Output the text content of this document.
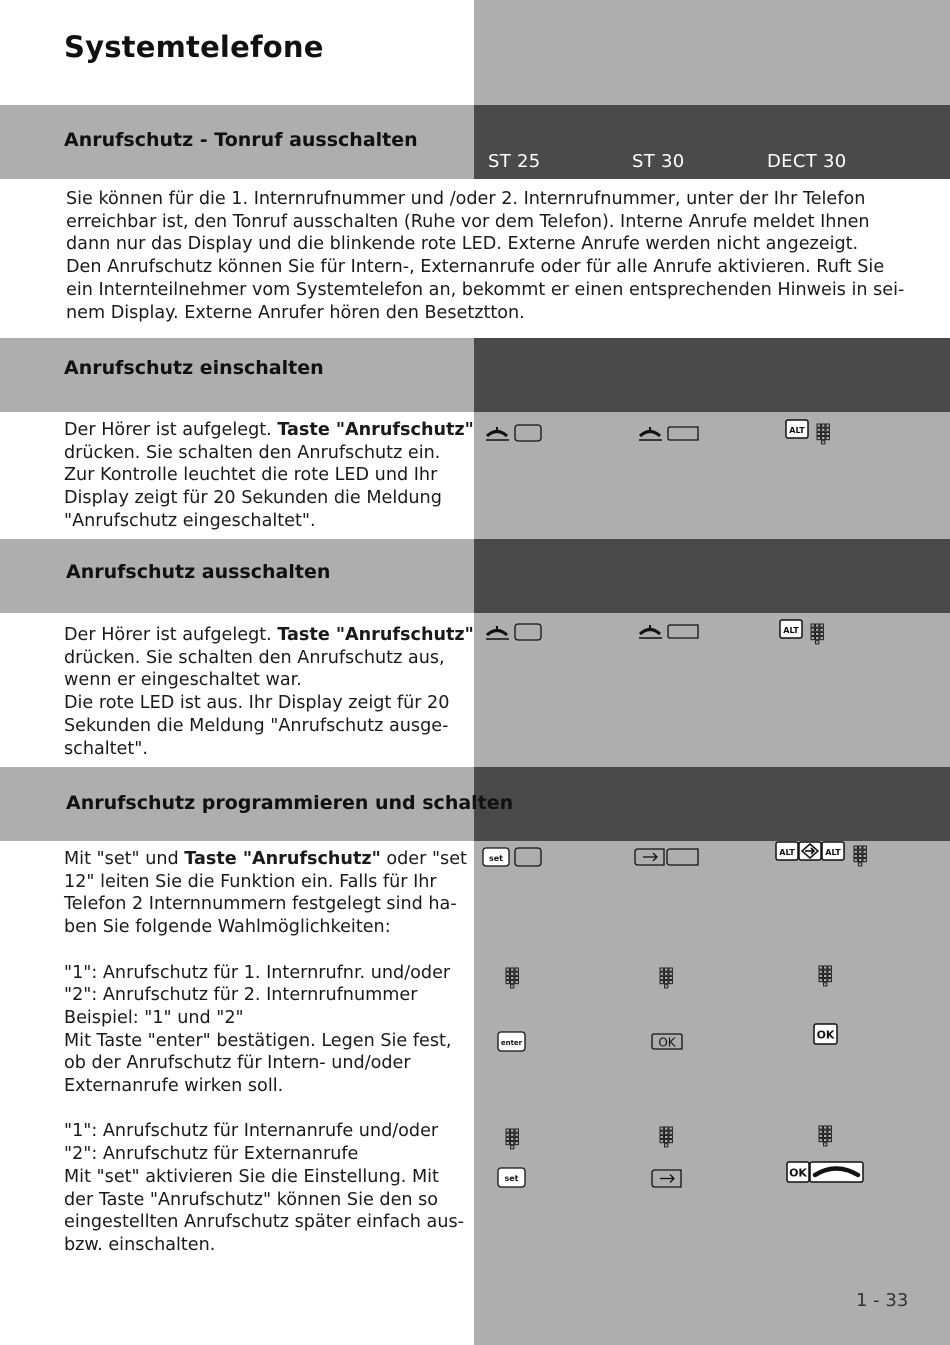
Systemtelefone
ST 25	ST 30	DECT 30
Anrufschutz - Tonruf ausschalten
Anrufschutz einschalten
Anrufschutz ausschalten
Anrufschutz programmieren und schalten
Sie können für die 1. Internrufnummer und /oder 2. Internrufnummer, unter der Ihr Telefon
erreichbar ist, den Tonruf ausschalten (Ruhe vor dem Telefon). Interne Anrufe meldet Ihnen
dann nur das Display und die blinkende rote LED. Externe Anrufe werden nicht angezeigt.
Den Anrufschutz können Sie für Intern-, Externanrufe oder für alle Anrufe aktivieren. Ruft Sie
ein Internteilnehmer vom Systemtelefon an, bekommt er einen entsprechenden Hinweis in sei-
nem Display. Externe Anrufer hören den Besetztton.
Der Hörer ist aufgelegt. Taste "Anrufschutz"
drücken. Sie schalten den Anrufschutz ein.
Zur Kontrolle leuchtet die rote LED und Ihr
Display zeigt für 20 Sekunden die Meldung
"Anrufschutz eingeschaltet".
Der Hörer ist aufgelegt. Taste "Anrufschutz"
drücken. Sie schalten den Anrufschutz aus,
wenn er eingeschaltet war.
Die rote LED ist aus. Ihr Display zeigt für 20
Sekunden die Meldung "Anrufschutz ausge-
schaltet".
Mit "set" und Taste "Anrufschutz" oder "set
12" leiten Sie die Funktion ein. Falls für Ihr
Telefon 2 Internnummern festgelegt sind ha-
ben Sie folgende Wahlmöglichkeiten:
"1": Anrufschutz für 1. Internrufnr. und/oder
"2": Anrufschutz für 2. Internrufnummer
Beispiel: "1" und "2"
Mit Taste "enter" bestätigen. Legen Sie fest,
ob der Anrufschutz für Intern- und/oder
Externanrufe wirken soll.
"1": Anrufschutz für Internanrufe und/oder
"2": Anrufschutz für Externanrufe
Mit "set" aktivieren Sie die Einstellung. Mit
der Taste "Anrufschutz" können Sie den so
eingestellten Anrufschutz später einfach aus-
bzw. einschalten.
ALT
ALT
set
ALT	ALT
enter	OK
OK
set	OK
1 - 33
